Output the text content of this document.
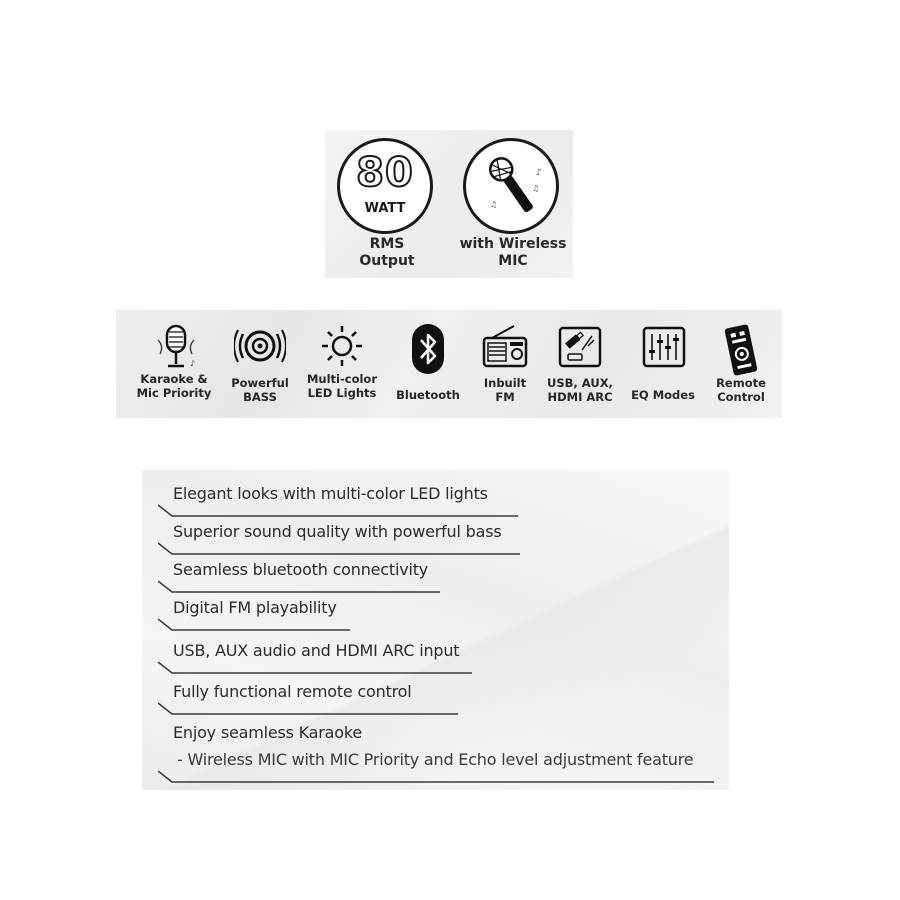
80
WATT
RMS
Output
♪
♫
♫
with Wireless
MIC
♪
Karaoke &
Mic Priority
Powerful
BASS
Multi-color
LED Lights	Bluetooth
Inbuilt
FM
USB, AUX,
HDMI ARC	EQ Modes
Remote
Control
Elegant looks with multi-color LED lights
Superior sound quality with powerful bass
Seamless bluetooth connectivity
Digital FM playability
USB, AUX audio and HDMI ARC input
Fully functional remote control
Enjoy seamless Karaoke
- Wireless MIC with MIC Priority and Echo level adjustment feature
